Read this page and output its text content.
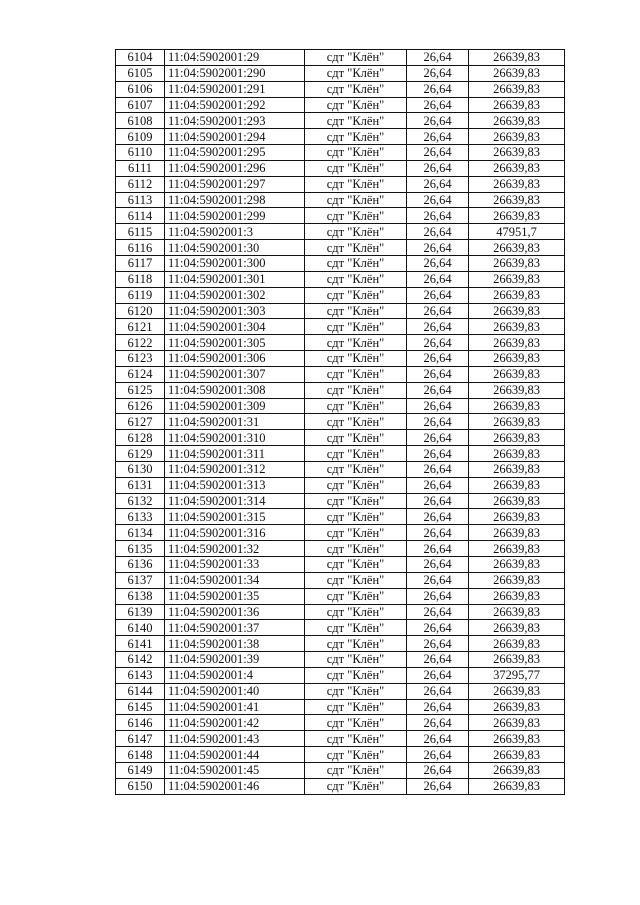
6104	11:04:5902001:29	сдт "Клён"	26,64	26639,83
6105	11:04:5902001:290	сдт "Клён"	26,64	26639,83
6106	11:04:5902001:291	сдт "Клён"	26,64	26639,83
6107	11:04:5902001:292	сдт "Клён"	26,64	26639,83
6108	11:04:5902001:293	сдт "Клён"	26,64	26639,83
6109	11:04:5902001:294	сдт "Клён"	26,64	26639,83
6110	11:04:5902001:295	сдт "Клён"	26,64	26639,83
6111	11:04:5902001:296	сдт "Клён"	26,64	26639,83
6112	11:04:5902001:297	сдт "Клён"	26,64	26639,83
6113	11:04:5902001:298	сдт "Клён"	26,64	26639,83
6114	11:04:5902001:299	сдт "Клён"	26,64	26639,83
6115	11:04:5902001:3	сдт "Клён"	26,64	47951,7
6116	11:04:5902001:30	сдт "Клён"	26,64	26639,83
6117	11:04:5902001:300	сдт "Клён"	26,64	26639,83
6118	11:04:5902001:301	сдт "Клён"	26,64	26639,83
6119	11:04:5902001:302	сдт "Клён"	26,64	26639,83
6120	11:04:5902001:303	сдт "Клён"	26,64	26639,83
6121	11:04:5902001:304	сдт "Клён"	26,64	26639,83
6122	11:04:5902001:305	сдт "Клён"	26,64	26639,83
6123	11:04:5902001:306	сдт "Клён"	26,64	26639,83
6124	11:04:5902001:307	сдт "Клён"	26,64	26639,83
6125	11:04:5902001:308	сдт "Клён"	26,64	26639,83
6126	11:04:5902001:309	сдт "Клён"	26,64	26639,83
6127	11:04:5902001:31	сдт "Клён"	26,64	26639,83
6128	11:04:5902001:310	сдт "Клён"	26,64	26639,83
6129	11:04:5902001:311	сдт "Клён"	26,64	26639,83
6130	11:04:5902001:312	сдт "Клён"	26,64	26639,83
6131	11:04:5902001:313	сдт "Клён"	26,64	26639,83
6132	11:04:5902001:314	сдт "Клён"	26,64	26639,83
6133	11:04:5902001:315	сдт "Клён"	26,64	26639,83
6134	11:04:5902001:316	сдт "Клён"	26,64	26639,83
6135	11:04:5902001:32	сдт "Клён"	26,64	26639,83
6136	11:04:5902001:33	сдт "Клён"	26,64	26639,83
6137	11:04:5902001:34	сдт "Клён"	26,64	26639,83
6138	11:04:5902001:35	сдт "Клён"	26,64	26639,83
6139	11:04:5902001:36	сдт "Клён"	26,64	26639,83
6140	11:04:5902001:37	сдт "Клён"	26,64	26639,83
6141	11:04:5902001:38	сдт "Клён"	26,64	26639,83
6142	11:04:5902001:39	сдт "Клён"	26,64	26639,83
6143	11:04:5902001:4	сдт "Клён"	26,64	37295,77
6144	11:04:5902001:40	сдт "Клён"	26,64	26639,83
6145	11:04:5902001:41	сдт "Клён"	26,64	26639,83
6146	11:04:5902001:42	сдт "Клён"	26,64	26639,83
6147	11:04:5902001:43	сдт "Клён"	26,64	26639,83
6148	11:04:5902001:44	сдт "Клён"	26,64	26639,83
6149	11:04:5902001:45	сдт "Клён"	26,64	26639,83
6150	11:04:5902001:46	сдт "Клён"	26,64	26639,83
